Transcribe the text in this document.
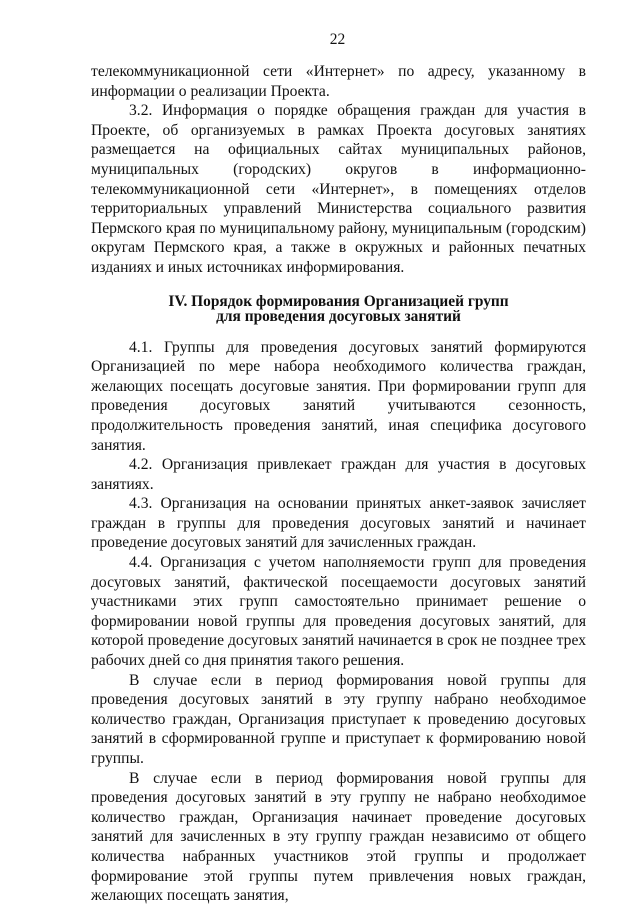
22

телекоммуникационной сети «Интернет» по адресу, указанному в информации о реализации Проекта.

3.2. Информация о порядке обращения граждан для участия в Проекте, об организуемых в рамках Проекта досуговых занятиях размещается на официальных сайтах муниципальных районов, муниципальных (городских) округов в информационно-телекоммуникационной сети «Интернет», в помещениях отделов территориальных управлений Министерства социального развития Пермского края по муниципальному району, муниципальным (городским) округам Пермского края, а также в окружных и районных печатных изданиях и иных источниках информирования.

IV. Порядок формирования Организацией групп
для проведения досуговых занятий

4.1. Группы для проведения досуговых занятий формируются Организацией по мере набора необходимого количества граждан, желающих посещать досуговые занятия. При формировании групп для проведения досуговых занятий учитываются сезонность, продолжительность проведения занятий, иная специфика досугового занятия.

4.2. Организация привлекает граждан для участия в досуговых занятиях.

4.3. Организация на основании принятых анкет-заявок зачисляет граждан в группы для проведения досуговых занятий и начинает проведение досуговых занятий для зачисленных граждан.

4.4. Организация с учетом наполняемости групп для проведения досуговых занятий, фактической посещаемости досуговых занятий участниками этих групп самостоятельно принимает решение о формировании новой группы для проведения досуговых занятий, для которой проведение досуговых занятий начинается в срок не позднее трех рабочих дней со дня принятия такого решения.

В случае если в период формирования новой группы для проведения досуговых занятий в эту группу набрано необходимое количество граждан, Организация приступает к проведению досуговых занятий в сформированной группе и приступает к формированию новой группы.

В случае если в период формирования новой группы для проведения досуговых занятий в эту группу не набрано необходимое количество граждан, Организация начинает проведение досуговых занятий для зачисленных в эту группу граждан независимо от общего количества набранных участников этой группы и продолжает формирование этой группы путем привлечения новых граждан, желающих посещать занятия,
